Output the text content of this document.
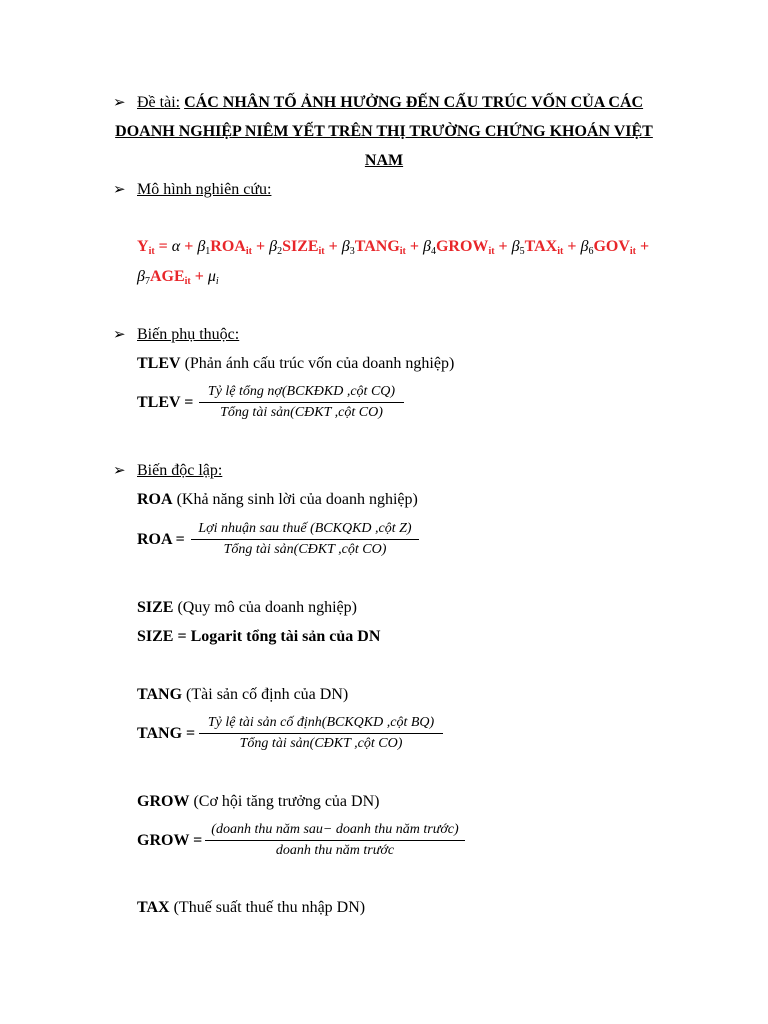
➢ Đề tài: CÁC NHÂN TỐ ẢNH HƯỞNG ĐẾN CẤU TRÚC VỐN CỦA CÁC
DOANH NGHIỆP NIÊM YẾT TRÊN THỊ TRƯỜNG CHỨNG KHOÁN VIỆT
NAM
➢ Mô hình nghiên cứu:
$Y_{it} = \alpha + \beta_1ROA_{it}$ + $\beta_2SIZE_{it}$ + $\beta_3TANG_{it}$ + $\beta_4GROW_{it} + \beta_5TAX_{it} + \beta_6GOV_{it}$ +
$\beta_7AGE_{it} + \mu_i$
➢ Biến phụ thuộc:
TLEV (Phản ánh cấu trúc vốn của doanh nghiệp)
TLEV =
Tỷ lệ tổng nợ(BCKĐKD ,cột CQ)
Tổng tài sản(CĐKT ,cột CO)
➢ Biến độc lập:
ROA (Khả năng sinh lời của doanh nghiệp)
ROA =
Lợi nhuận sau thuế (BCKQKD ,cột Z)
Tổng tài sản(CĐKT ,cột CO)
SIZE (Quy mô của doanh nghiệp)
SIZE = Logarit tổng tài sản của DN
TANG (Tài sản cố định của DN)
TANG =
Tỷ lệ tài sản cố định(BCKQKD ,cột BQ)
Tổng tài sản(CĐKT ,cột CO)
GROW (Cơ hội tăng trưởng của DN)
GROW =
(doanh thu năm sau− doanh thu năm trước)
doanh thu năm trước
TAX (Thuế suất thuế thu nhập DN)
